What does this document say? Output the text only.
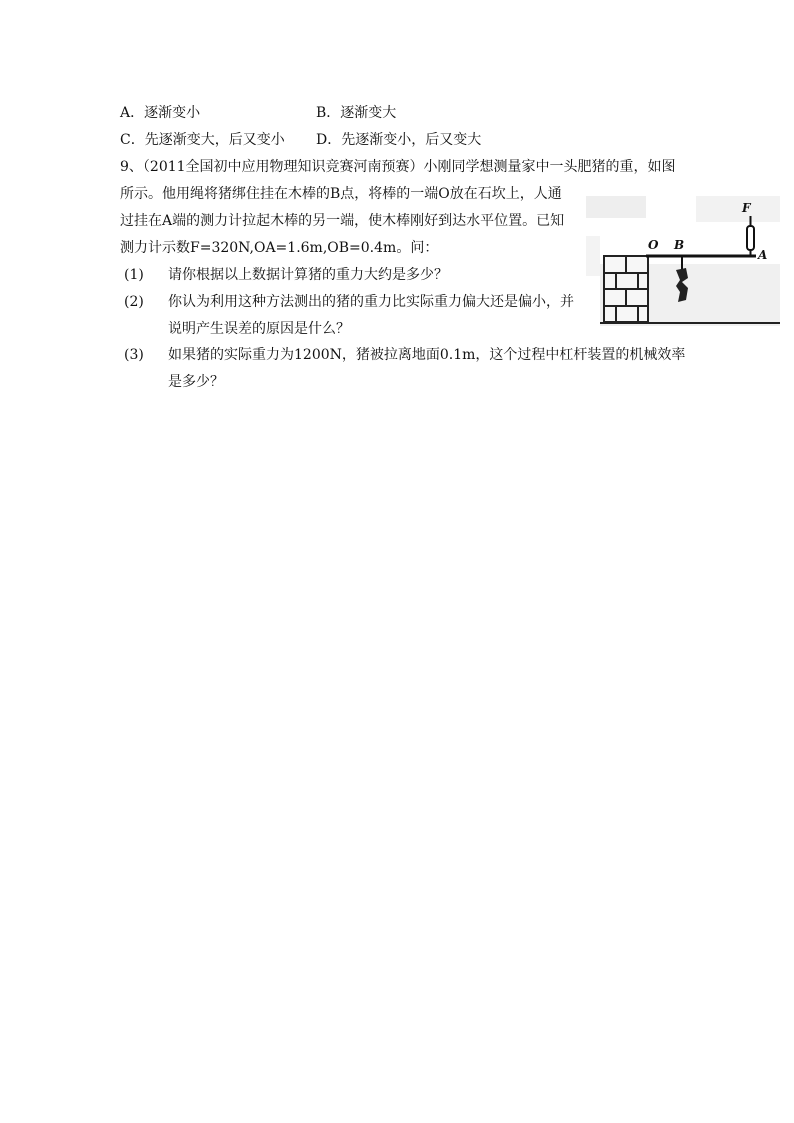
A．逐渐变小	B．逐渐变大
C．先逐渐变大，后又变小 D．先逐渐变小，后又变大
9、（2011全国初中应用物理知识竞赛河南预赛）小刚同学想测量家中一头肥猪的重，如图
所示。他用绳将猪绑住挂在木棒的B点，将棒的一端O放在石坎上，人通
过挂在A端的测力计拉起木棒的另一端，使木棒刚好到达水平位置。已知
测力计示数F=320N,OA=1.6m,OB=0.4m。问：
(1) 请你根据以上数据计算猪的重力大约是多少？
(2) 你认为利用这种方法测出的猪的重力比实际重力偏大还是偏小，并
说明产生误差的原因是什么？
(3) 如果猪的实际重力为1200N，猪被拉离地面0.1m，这个过程中杠杆装置的机械效率
是多少？
O B
A
F
